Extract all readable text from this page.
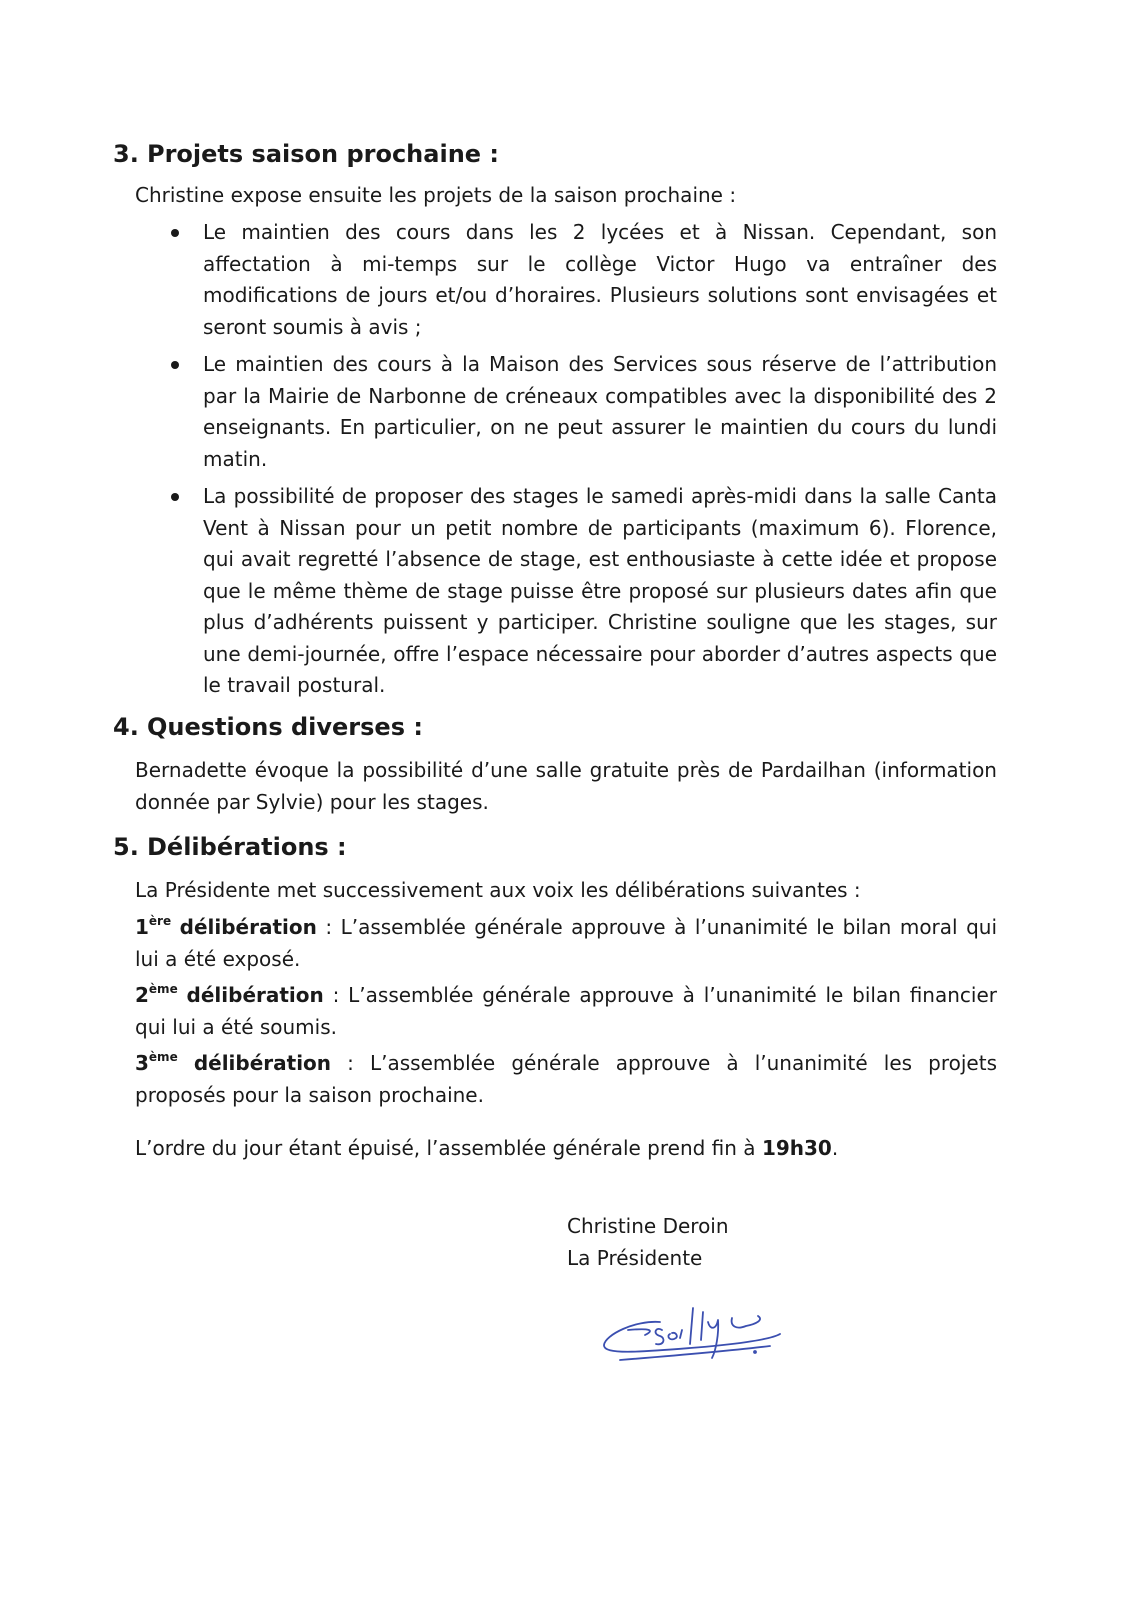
3. Projets saison prochaine :

Christine expose ensuite les projets de la saison prochaine :

Le maintien des cours dans les 2 lycées et à Nissan. Cependant, son affectation à mi-temps sur le collège Victor Hugo va entraîner des modifications de jours et/ou d’horaires. Plusieurs solutions sont envisagées et seront soumis à avis ;
Le maintien des cours à la Maison des Services sous réserve de l’attribution par la Mairie de Narbonne de créneaux compatibles avec la disponibilité des 2 enseignants. En particulier, on ne peut assurer le maintien du cours du lundi matin.
La possibilité de proposer des stages le samedi après-midi dans la salle Canta Vent à Nissan pour un petit nombre de participants (maximum 6). Florence, qui avait regretté l’absence de stage, est enthousiaste à cette idée et propose que le même thème de stage puisse être proposé sur plusieurs dates afin que plus d’adhérents puissent y participer. Christine souligne que les stages, sur une demi-journée, offre l’espace nécessaire pour aborder d’autres aspects que le travail postural.
4. Questions diverses :

Bernadette évoque la possibilité d’une salle gratuite près de Pardailhan (information donnée par Sylvie) pour les stages.

5. Délibérations :

La Présidente met successivement aux voix les délibérations suivantes :

1ère délibération : L’assemblée générale approuve à l’unanimité le bilan moral qui lui a été exposé.

2ème délibération : L’assemblée générale approuve à l’unanimité le bilan financier qui lui a été soumis.

3ème délibération : L’assemblée générale approuve à l’unanimité les projets proposés pour la saison prochaine.

L’ordre du jour étant épuisé, l’assemblée générale prend fin à 19h30.

Christine Deroin
La Présidente
